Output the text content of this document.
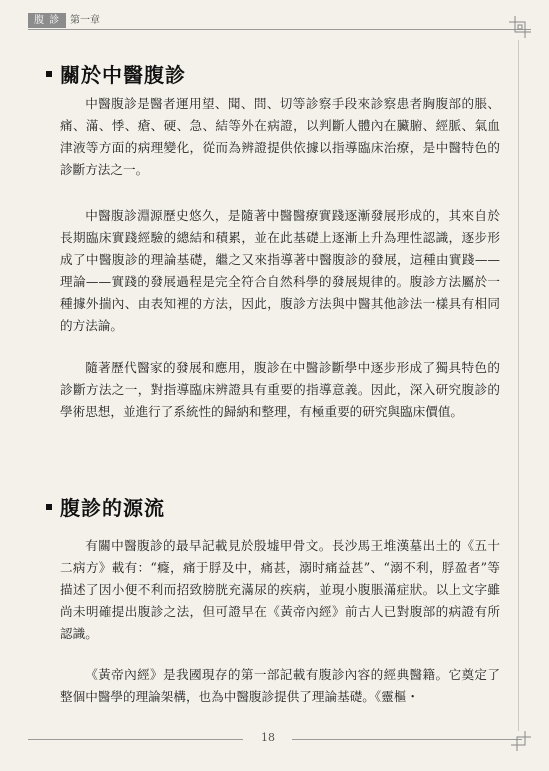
腹 診 第一章
關於中醫腹診

中醫腹診是醫者運用望、聞、問、切等診察手段來診察患者胸腹部的脹、痛、滿、悸、瘡、硬、急、結等外在病證，以判斷人體內在臟腑、經脈、氣血津液等方面的病理變化，從而為辨證提供依據以指導臨床治療，是中醫特色的診斷方法之一。

中醫腹診淵源歷史悠久，是隨著中醫醫療實踐逐漸發展形成的，其來自於長期臨床實踐經驗的總結和積累，並在此基礎上逐漸上升為理性認識，逐步形成了中醫腹診的理論基礎，繼之又來指導著中醫腹診的發展，這種由實踐——理論——實踐的發展過程是完全符合自然科學的發展規律的。腹診方法屬於一種據外揣內、由表知裡的方法，因此，腹診方法與中醫其他診法一樣具有相同的方法論。

隨著歷代醫家的發展和應用，腹診在中醫診斷學中逐步形成了獨具特色的診斷方法之一，對指導臨床辨證具有重要的指導意義。因此，深入研究腹診的學術思想，並進行了系統性的歸納和整理，有極重要的研究與臨床價值。

腹診的源流

有關中醫腹診的最早記載見於殷墟甲骨文。長沙馬王堆漢墓出土的《五十二病方》載有：“癃，痛于脬及中，痛甚，溺时痛益甚”、“溺不利，脬盈者”等描述了因小便不利而招致膀胱充滿尿的疾病，並現小腹脹滿症狀。以上文字雖尚未明確提出腹診之法，但可證早在《黃帝內經》前古人已對腹部的病證有所認識。

《黃帝內經》是我國現存的第一部記載有腹診內容的經典醫籍。它奠定了整個中醫學的理論架構，也為中醫腹診提供了理論基礎。《靈樞・

18
